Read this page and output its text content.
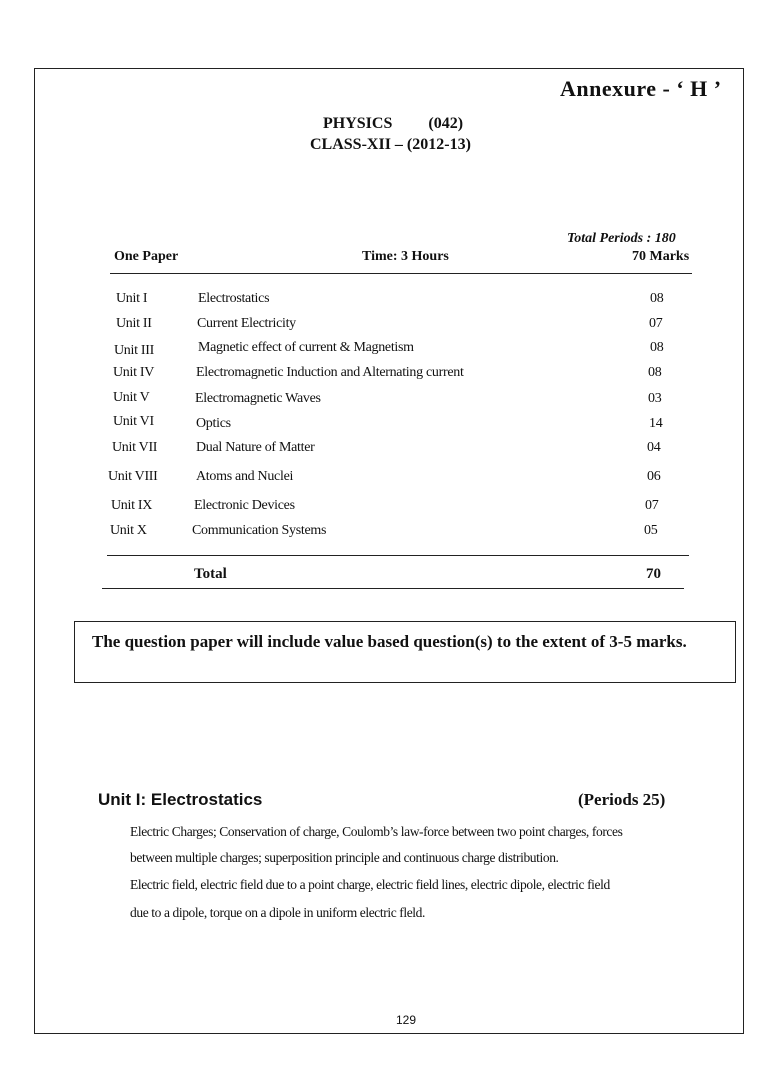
Annexure - ‘ H ’
PHYSICS (042)
CLASS-XII – (2012-13)
Total Periods : 180
One Paper	Time: 3 Hours	70 Marks
Unit I	Electrostatics	08
Unit II	Current Electricity	07
Unit III	Magnetic effect of current & Magnetism	08
Unit IV	Electromagnetic Induction and Alternating current	08
Unit V	Electromagnetic Waves	03
Unit VI	Optics	14
Unit VII	Dual Nature of Matter	04
Unit VIII	Atoms and Nuclei	06
Unit IX	Electronic Devices	07
Unit X	Communication Systems	05
Total	70
The question paper will include value based question(s) to the extent of 3-5 marks.
Unit I: Electrostatics	(Periods 25)
Electric Charges; Conservation of charge, Coulomb’s law-force between two point charges, forces
between multiple charges; superposition principle and continuous charge distribution.
Electric field, electric field due to a point charge, electric field lines, electric dipole, electric field
due to a dipole, torque on a dipole in uniform electric fleld.
129
